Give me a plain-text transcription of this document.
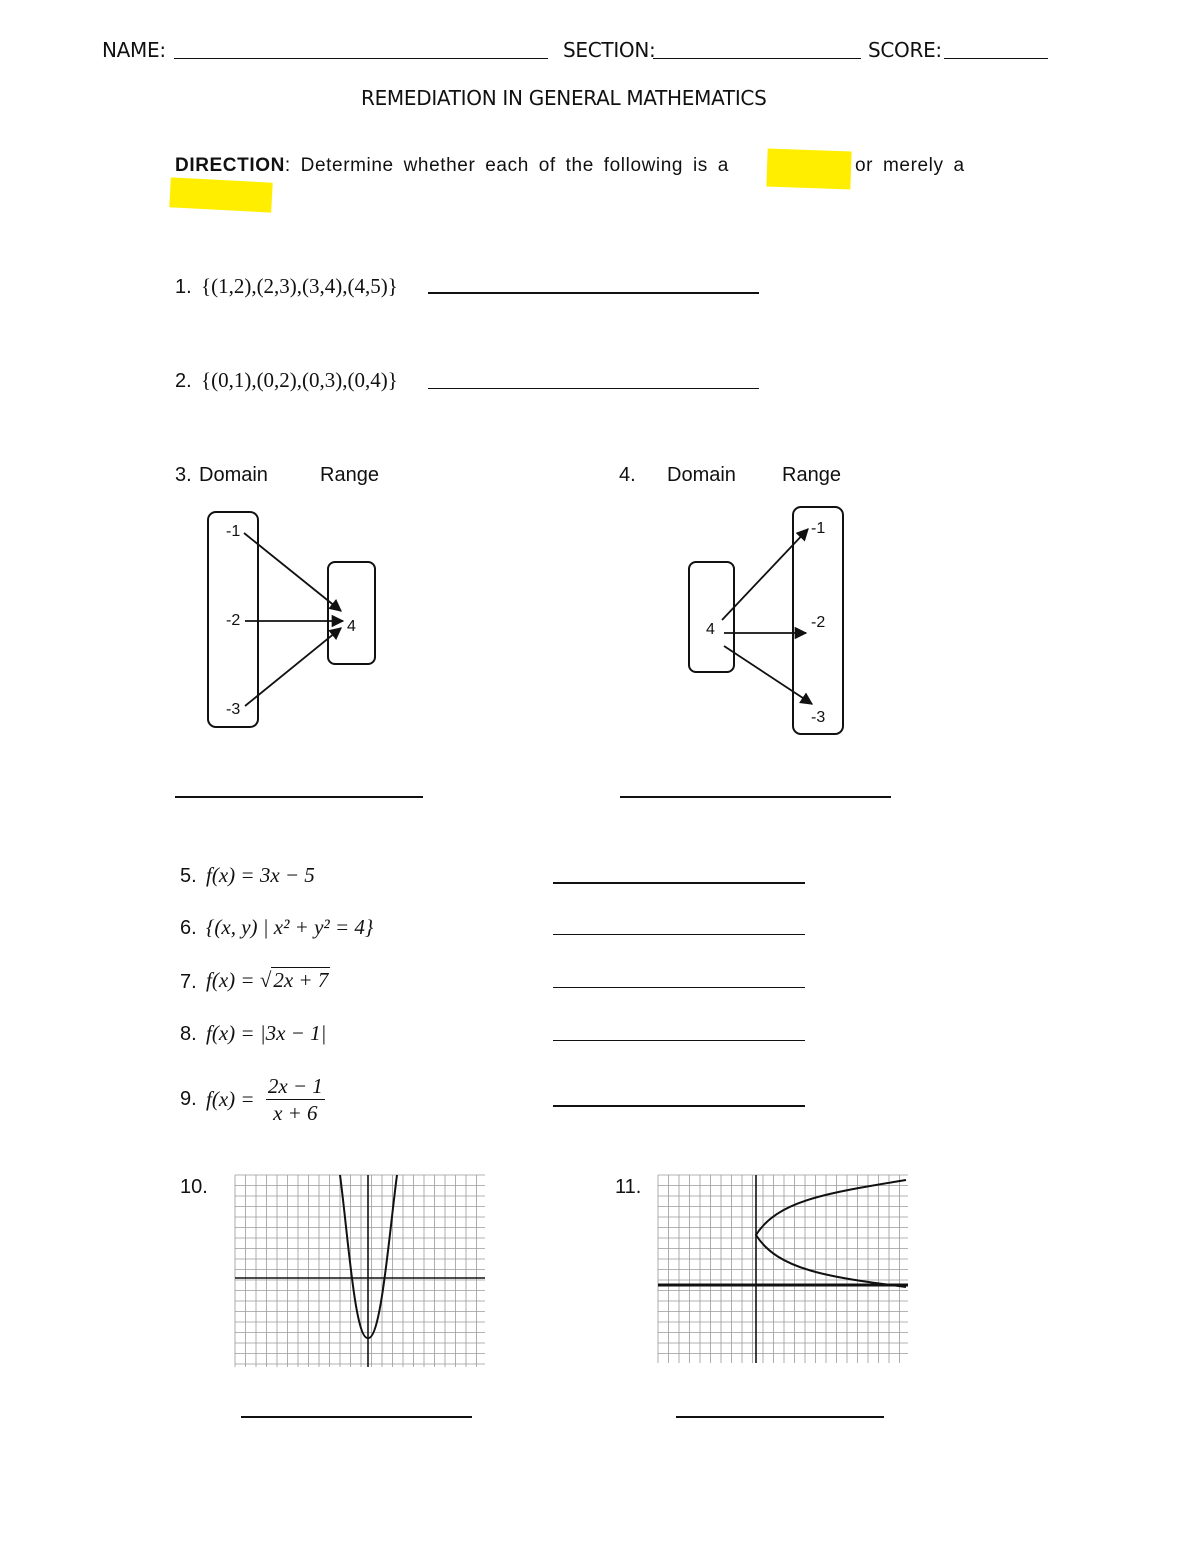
NAME:	SECTION:	SCORE:
REMEDIATION IN GENERAL MATHEMATICS
DIRECTION: Determine whether each of the following is a	or merely a
1. {(1,2),(2,3),(3,4),(4,5)}
2. {(0,1),(0,2),(0,3),(0,4)}
3. Domain	Range
-1
-2
-3
4
4. Domain Range
4
-1
-2
-3
5. f(x) = 3x − 5
6. {(x, y) | x² + y² = 4}
7. f(x) = √2x + 7
8. f(x) = |3x − 1|
9. $f(x) = \frac{2x - 1}{x + 6}$
10.	11.
